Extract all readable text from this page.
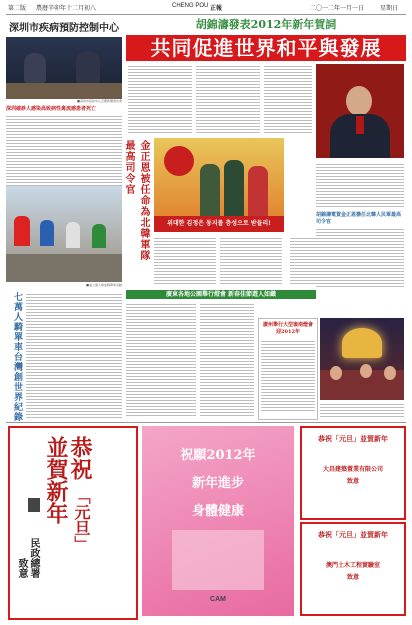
第二版 農曆辛卯年十二月初八	CHENG POU 正報	二〇一二年一月一日	星期日
深圳市疾病預防控制中心
■深圳市疾控中心召開新聞發布會
深圳確診人感染高致病性禽流感患者死亡
胡錦濤發表2012年新年賀詞
共同促進世界和平與發展
胡錦濤電賀金正恩擔任北韓人民軍最高司令官
金正恩被任命為北韓軍隊最高司令官
위대한 김정은 동지를 충성으로 받들리!
■逾七萬人參加騎單車活動
七萬人騎單車台灣創世界紀錄	廣東各地公園舉行燈會 新春佳節遊人如織
廣州舉行大型嶺南燈會迎2012年
恭祝
「元旦」
並賀新年
民政總署
致意
祝願2012年
新年進步
身體健康
CAM
恭祝「元旦」並賀新年
大昌建築置業有限公司
致意
恭祝「元旦」並賀新年
澳門土木工程實驗室
致意
